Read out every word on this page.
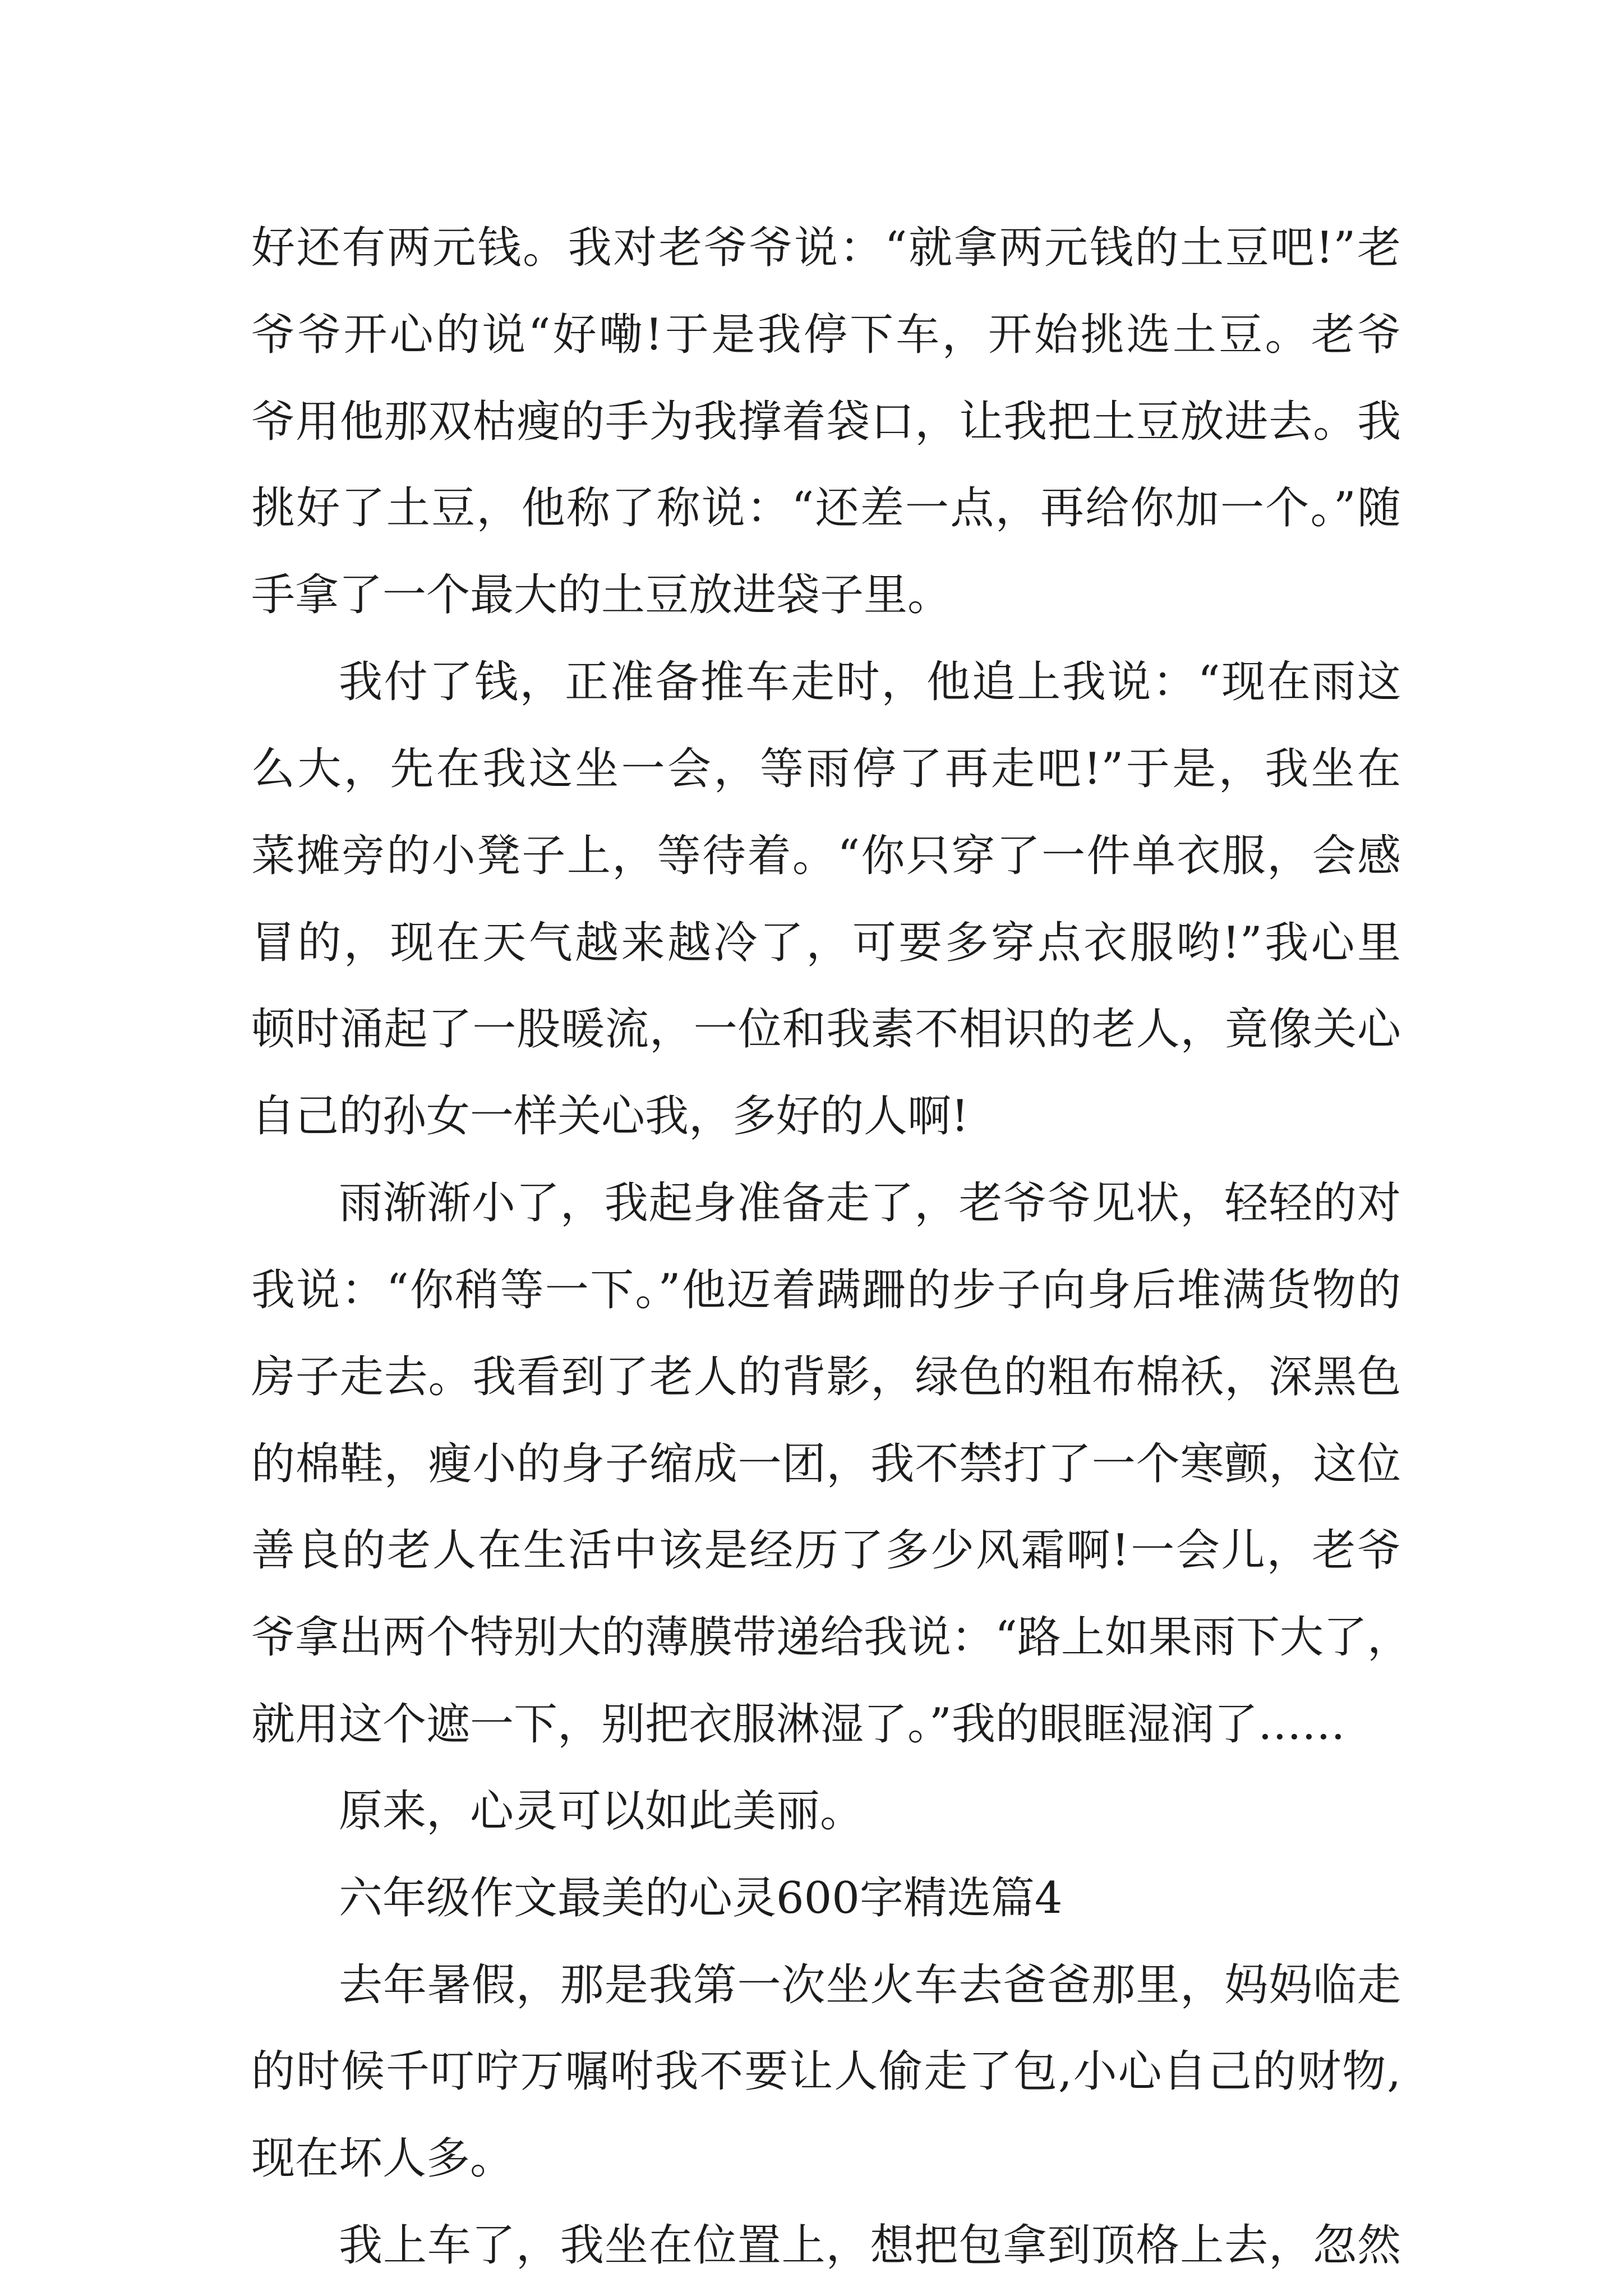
好还有两元钱。我对老爷爷说：“就拿两元钱的土豆吧!”老
爷爷开心的说“好嘞!于是我停下车，开始挑选土豆。老爷
爷用他那双枯瘦的手为我撑着袋口，让我把土豆放进去。我
挑好了土豆，他称了称说：“还差一点，再给你加一个。”随
手拿了一个最大的土豆放进袋子里。
我付了钱，正准备推车走时，他追上我说：“现在雨这
么大，先在我这坐一会，等雨停了再走吧!”于是，我坐在
菜摊旁的小凳子上，等待着。“你只穿了一件单衣服，会感
冒的，现在天气越来越冷了，可要多穿点衣服哟!”我心里
顿时涌起了一股暖流，一位和我素不相识的老人，竟像关心
自己的孙女一样关心我，多好的人啊!
雨渐渐小了，我起身准备走了，老爷爷见状，轻轻的对
我说：“你稍等一下。”他迈着蹒跚的步子向身后堆满货物的
房子走去。我看到了老人的背影，绿色的粗布棉袄，深黑色
的棉鞋，瘦小的身子缩成一团，我不禁打了一个寒颤，这位
善良的老人在生活中该是经历了多少风霜啊!一会儿，老爷
爷拿出两个特别大的薄膜带递给我说：“路上如果雨下大了，
就用这个遮一下，别把衣服淋湿了。”我的眼眶湿润了……
原来，心灵可以如此美丽。
六年级作文最美的心灵600字精选篇4
去年暑假，那是我第一次坐火车去爸爸那里，妈妈临走
的时候千叮咛万嘱咐我不要让人偷走了包,小心自己的财物,
现在坏人多。
我上车了，我坐在位置上，想把包拿到顶格上去，忽然
